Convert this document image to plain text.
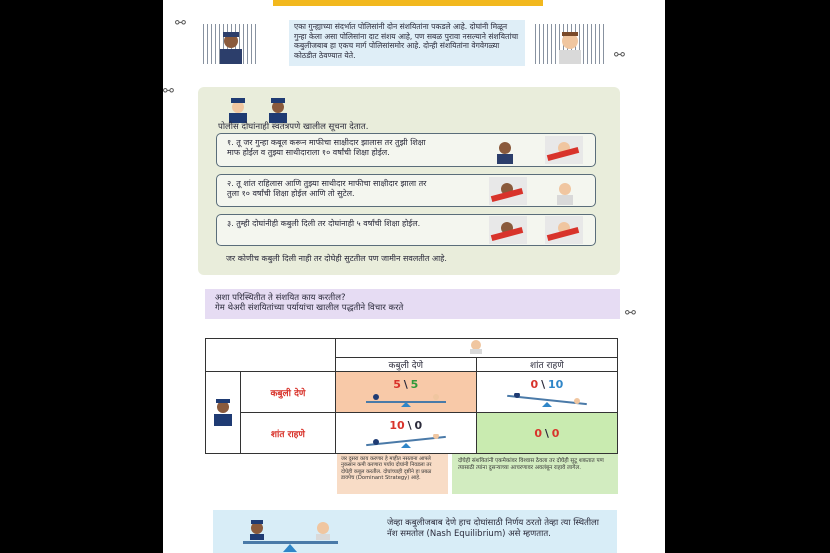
⚯	एका गुन्ह्याच्या संदर्भात पोलिसांनी दोन संशयितांना पकडले आहे. दोघांनी मिळून गुन्हा केला असा पोलिसांना दाट संशय आहे, पण सबळ पुरावा नसल्याने संशयितांचा कबुलीजबाब हा एकच मार्ग पोलिसांसमोर आहे. दोन्ही संशयितांना वेगवेगळ्या कोठडीत ठेवण्यात येते.	⚯
⚯
पोलीस दोघांनाही स्वतंत्रपणे खालील सूचना देतात.
१. तू जर गुन्हा कबूल करून माफीचा साक्षीदार झालास तर तुझी शिक्षा माफ होईल व तुझ्या साथीदाराला १० वर्षांची शिक्षा होईल.
२. तू शांत राहिलास आणि तुझ्या साथीदार माफीचा साक्षीदार झाला तर तुला १० वर्षांची शिक्षा होईल आणि तो सुटेल.
३. तुम्ही दोघांनीही कबुली दिली तर दोघांनाही ५ वर्षांची शिक्षा होईल.
जर कोणीच कबुली दिली नाही तर दोघेही सुटतील पण जामीन सवलतीत आहे.
अशा परिस्थितीत ते संशयित काय करतील?
गेम थेअरी संशयितांच्या पर्यायांचा खालील पद्धतीने विचार करते	⚯

		कबुली देणे	शांत राहणे
	कबुली देणे	5 \ 5	0 \ 10

	शांत राहणे	10 \ 0	0 \ 0
जर दुसरा काय करणार हे माहीत नसताना आपले नुकसान कमी करणारा पर्याय दोघांनी निवडला तर दोघेही कबूल करतील. दोघांच्याही दृष्टीने हा प्रबळ डावपेच (Dominant Strategy) आहे.
दोघेही संशयितांनी एकमेकांवर विश्वास ठेवला तर दोघेही सुटू शकतात पण त्यासाठी त्यांना दुसऱ्याच्या आचरणावर अवलंबून राहावे लागेल.
जेव्हा कबुलीजबाब देणे हाच दोघांसाठी निर्णय ठरतो तेव्हा त्या स्थितीला नॅश समतोल (Nash Equilibrium) असे म्हणतात.
